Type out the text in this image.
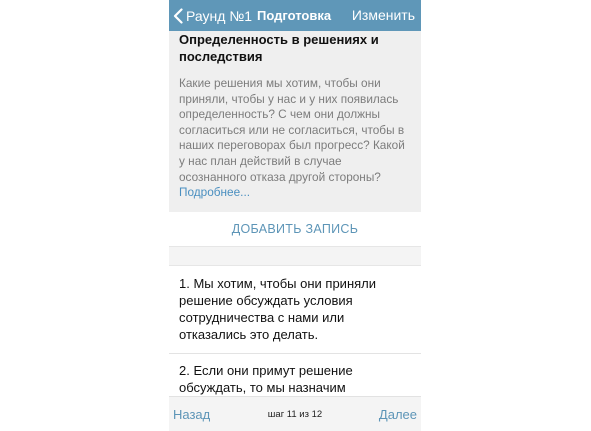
Раунд №1 Подготовка Изменить
Определенность в решениях и последствия
Какие решения мы хотим, чтобы они приняли, чтобы у нас и у них появилась определенность? С чем они должны согласиться или не согласиться, чтобы в наших переговорах был прогресс? Какой у нас план действий в случае осознанного отказа другой стороны?
Подробнее...
ДОБАВИТЬ ЗАПИСЬ
1. Мы хотим, чтобы они приняли решение обсуждать условия сотрудничества с нами или отказались это делать.
2. Если они примут решение обсуждать, то мы назначим
Назад	шаг 11 из 12	Далее
